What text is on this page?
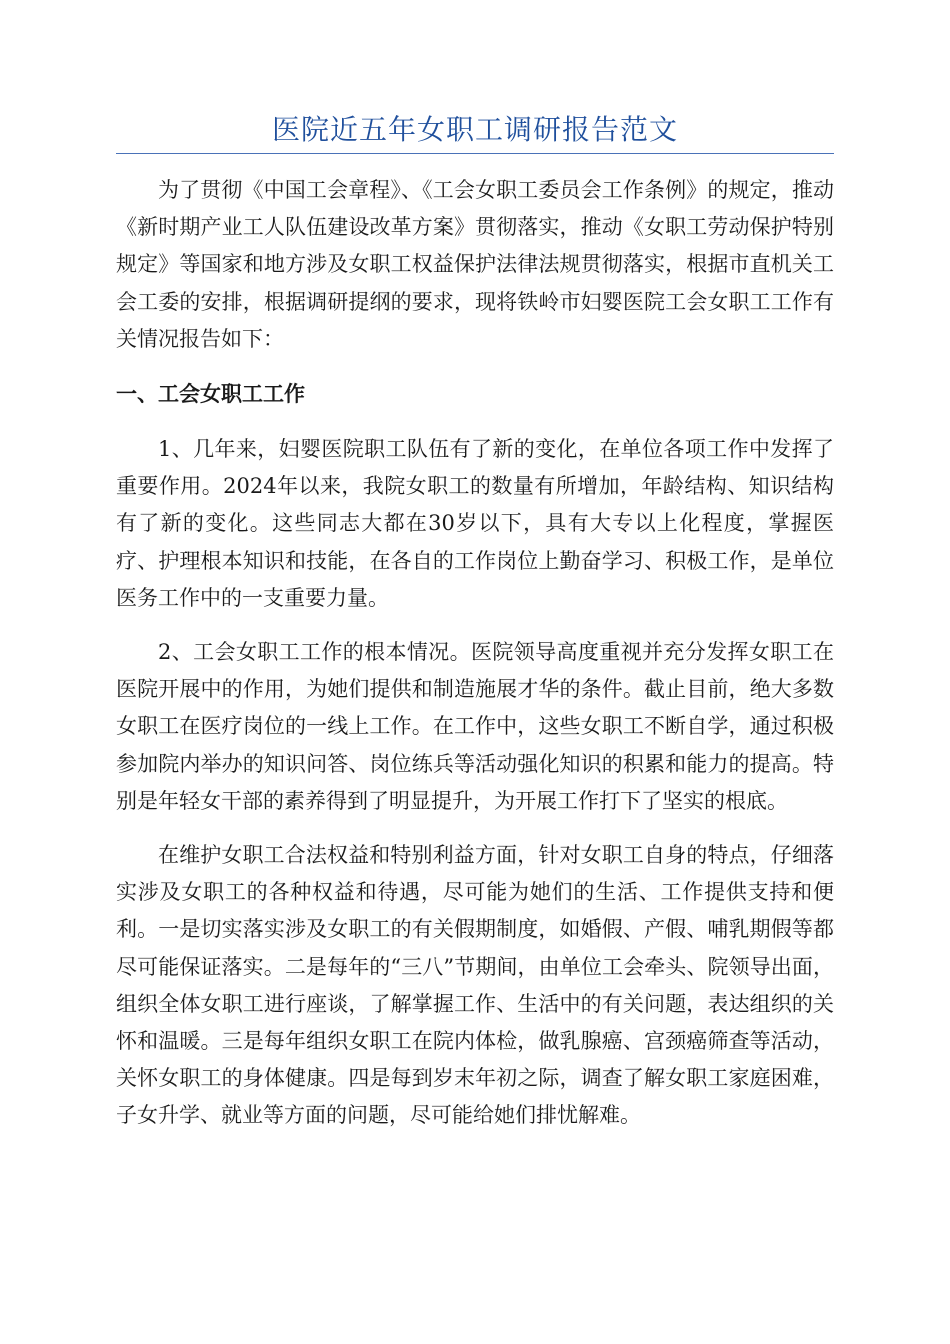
医院近五年女职工调研报告范文

为了贯彻《中国工会章程》、《工会女职工委员会工作条例》的规定，推动《新时期产业工人队伍建设改革方案》贯彻落实，推动《女职工劳动保护特别规定》等国家和地方涉及女职工权益保护法律法规贯彻落实，根据市直机关工会工委的安排，根据调研提纲的要求，现将铁岭市妇婴医院工会女职工工作有关情况报告如下：

一、工会女职工工作

1、几年来，妇婴医院职工队伍有了新的变化，在单位各项工作中发挥了重要作用。2024年以来，我院女职工的数量有所增加，年龄结构、知识结构有了新的变化。这些同志大都在30岁以下，具有大专以上化程度，掌握医疗、护理根本知识和技能，在各自的工作岗位上勤奋学习、积极工作，是单位医务工作中的一支重要力量。

2、工会女职工工作的根本情况。医院领导高度重视并充分发挥女职工在医院开展中的作用，为她们提供和制造施展才华的条件。截止目前，绝大多数女职工在医疗岗位的一线上工作。在工作中，这些女职工不断自学，通过积极参加院内举办的知识问答、岗位练兵等活动强化知识的积累和能力的提高。特别是年轻女干部的素养得到了明显提升，为开展工作打下了坚实的根底。

在维护女职工合法权益和特别利益方面，针对女职工自身的特点，仔细落实涉及女职工的各种权益和待遇，尽可能为她们的生活、工作提供支持和便利。一是切实落实涉及女职工的有关假期制度，如婚假、产假、哺乳期假等都尽可能保证落实。二是每年的“三八”节期间，由单位工会牵头、院领导出面，组织全体女职工进行座谈，了解掌握工作、生活中的有关问题，表达组织的关怀和温暖。三是每年组织女职工在院内体检，做乳腺癌、宫颈癌筛查等活动，关怀女职工的身体健康。四是每到岁末年初之际，调查了解女职工家庭困难，子女升学、就业等方面的问题，尽可能给她们排忧解难。
